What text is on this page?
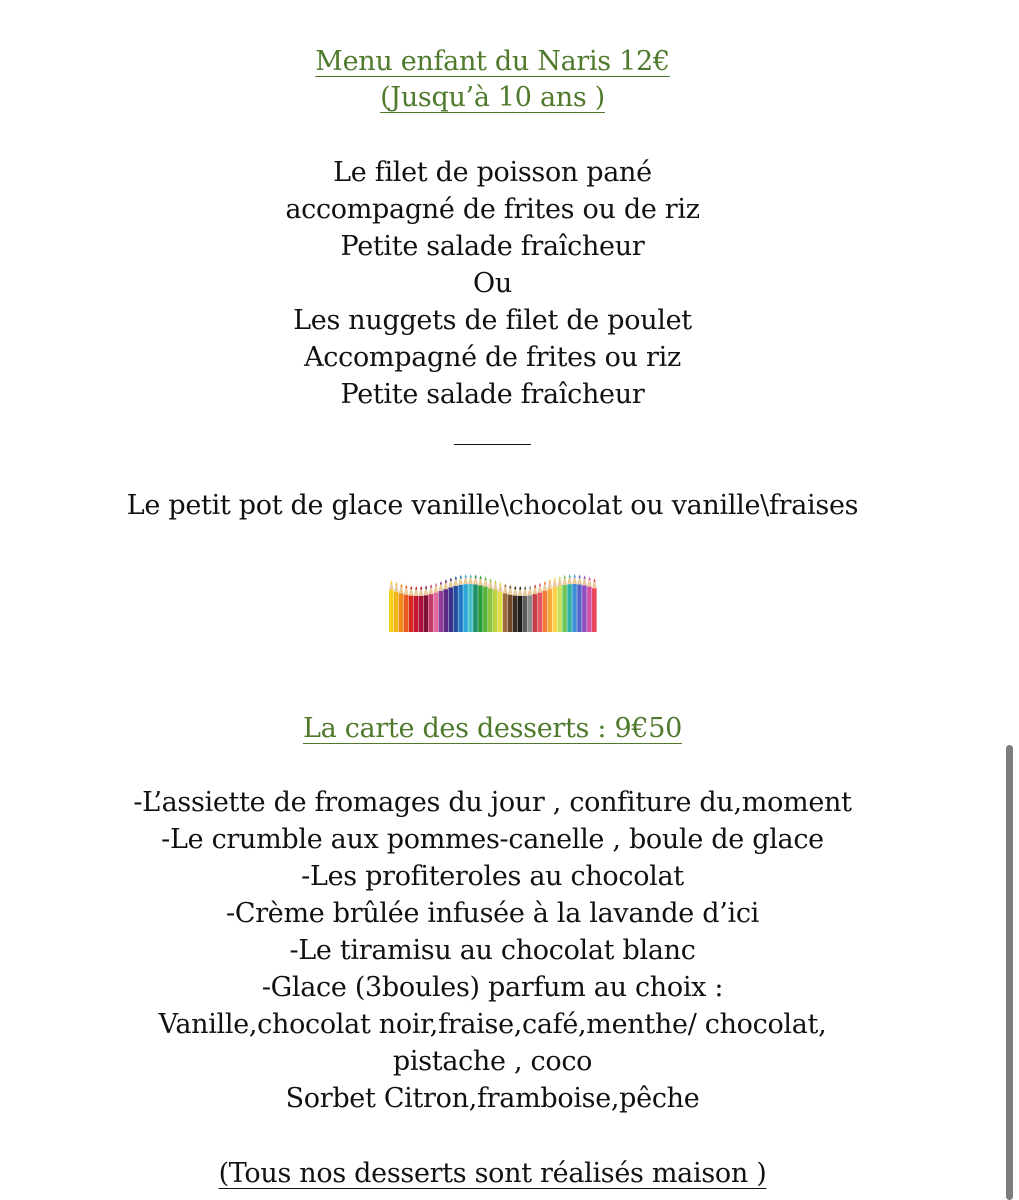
Menu enfant du Naris 12€
(Jusqu’à 10 ans )
Le filet de poisson pané
accompagné de frites ou de riz
Petite salade fraîcheur
Ou
Les nuggets de filet de poulet
Accompagné de frites ou riz
Petite salade fraîcheur
Le petit pot de glace vanille\chocolat ou vanille\fraises
La carte des desserts : 9€50
-L’assiette de fromages du jour , confiture du,moment
-Le crumble aux pommes-canelle , boule de glace
-Les profiteroles au chocolat
-Crème brûlée infusée à la lavande d’ici
-Le tiramisu au chocolat blanc
-Glace (3boules) parfum au choix :
Vanille,chocolat noir,fraise,café,menthe/ chocolat,
pistache , coco
Sorbet Citron,framboise,pêche
(Tous nos desserts sont réalisés maison )
